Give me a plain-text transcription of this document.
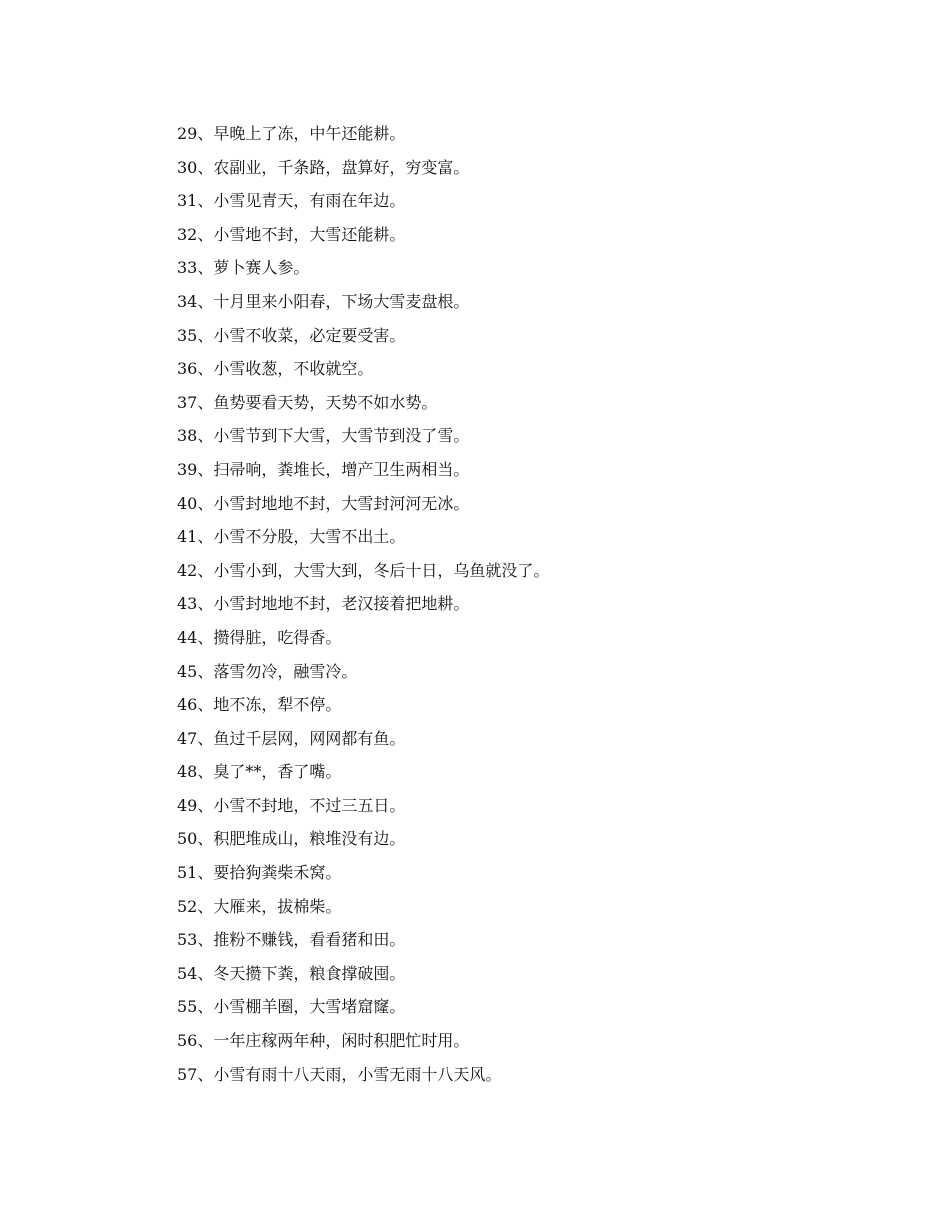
29、早晚上了冻，中午还能耕。
30、农副业，千条路，盘算好，穷变富。
31、小雪见青天，有雨在年边。
32、小雪地不封，大雪还能耕。
33、萝卜赛人参。
34、十月里来小阳春，下场大雪麦盘根。
35、小雪不收菜，必定要受害。
36、小雪收葱，不收就空。
37、鱼势要看天势，天势不如水势。
38、小雪节到下大雪，大雪节到没了雪。
39、扫帚响，粪堆长，增产卫生两相当。
40、小雪封地地不封，大雪封河河无冰。
41、小雪不分股，大雪不出土。
42、小雪小到，大雪大到，冬后十日，乌鱼就没了。
43、小雪封地地不封，老汉接着把地耕。
44、攒得脏，吃得香。
45、落雪勿冷，融雪冷。
46、地不冻，犁不停。
47、鱼过千层网，网网都有鱼。
48、臭了**，香了嘴。
49、小雪不封地，不过三五日。
50、积肥堆成山，粮堆没有边。
51、要拾狗粪柴禾窝。
52、大雁来，拔棉柴。
53、推粉不赚钱，看看猪和田。
54、冬天攒下粪，粮食撑破囤。
55、小雪棚羊圈，大雪堵窟窿。
56、一年庄稼两年种，闲时积肥忙时用。
57、小雪有雨十八天雨，小雪无雨十八天风。
